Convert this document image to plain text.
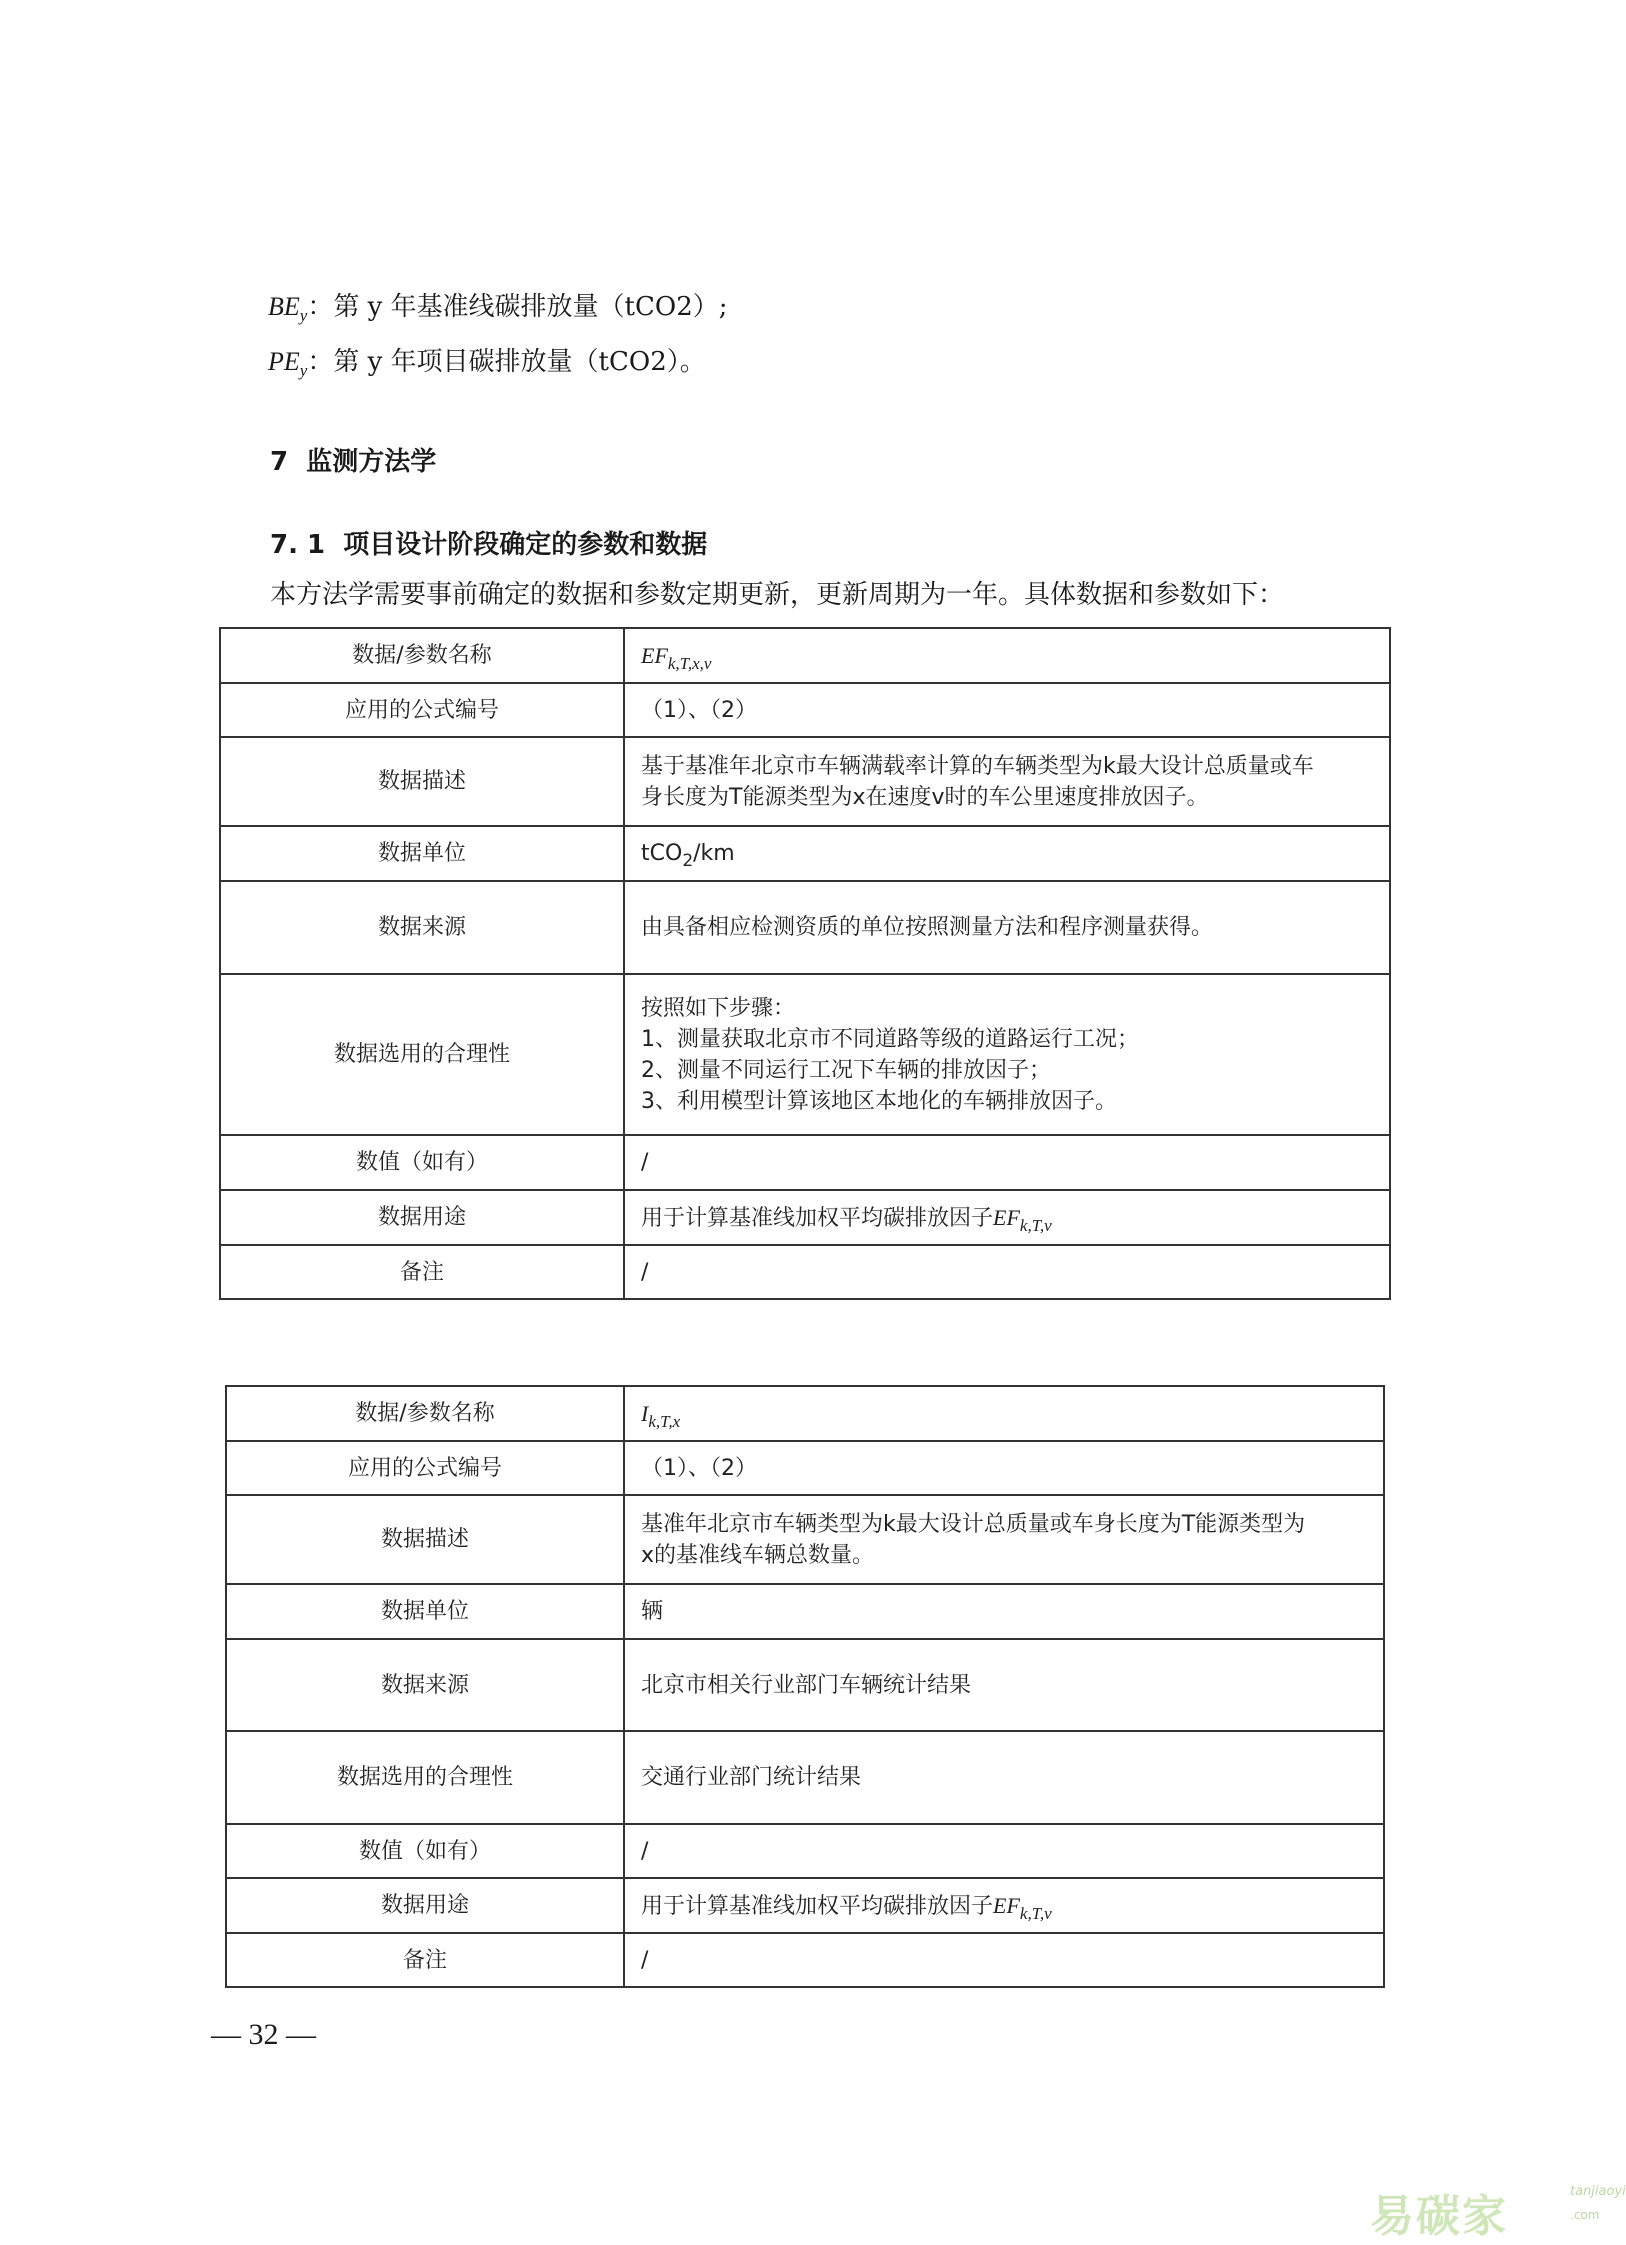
$BE_y$：第 y 年基准线碳排放量（tCO2）;
$PE_y$：第 y 年项目碳排放量（tCO2）。
7 监测方法学
7. 1 项目设计阶段确定的参数和数据
本方法学需要事前确定的数据和参数定期更新，更新周期为一年。具体数据和参数如下：
数据/参数名称	$EF_{k,T,x,v}$
应用的公式编号	（1）、（2）
数据描述	基于基准年北京市车辆满载率计算的车辆类型为k最大设计总质量或车
身长度为T能源类型为x在速度v时的车公里速度排放因子。

数据单位	tCO$_2$/km
数据来源	由具备相应检测资质的单位按照测量方法和程序测量获得。
数据选用的合理性	按照如下步骤：
1、测量获取北京市不同道路等级的道路运行工况；
2、测量不同运行工况下车辆的排放因子；
3、利用模型计算该地区本地化的车辆排放因子。

数值（如有）	/
数据用途	用于计算基准线加权平均碳排放因子$EF_{k,T,v}$
备注	/
数据/参数名称	$I_{k,T,x}$
应用的公式编号	（1）、（2）
数据描述	基准年北京市车辆类型为k最大设计总质量或车身长度为T能源类型为
x的基准线车辆总数量。

数据单位	辆
数据来源	北京市相关行业部门车辆统计结果
数据选用的合理性	交通行业部门统计结果
数值（如有）	/
数据用途	用于计算基准线加权平均碳排放因子$EF_{k,T,v}$
备注	/
— 32 —
易碳家	tanjiaoyi
.com
